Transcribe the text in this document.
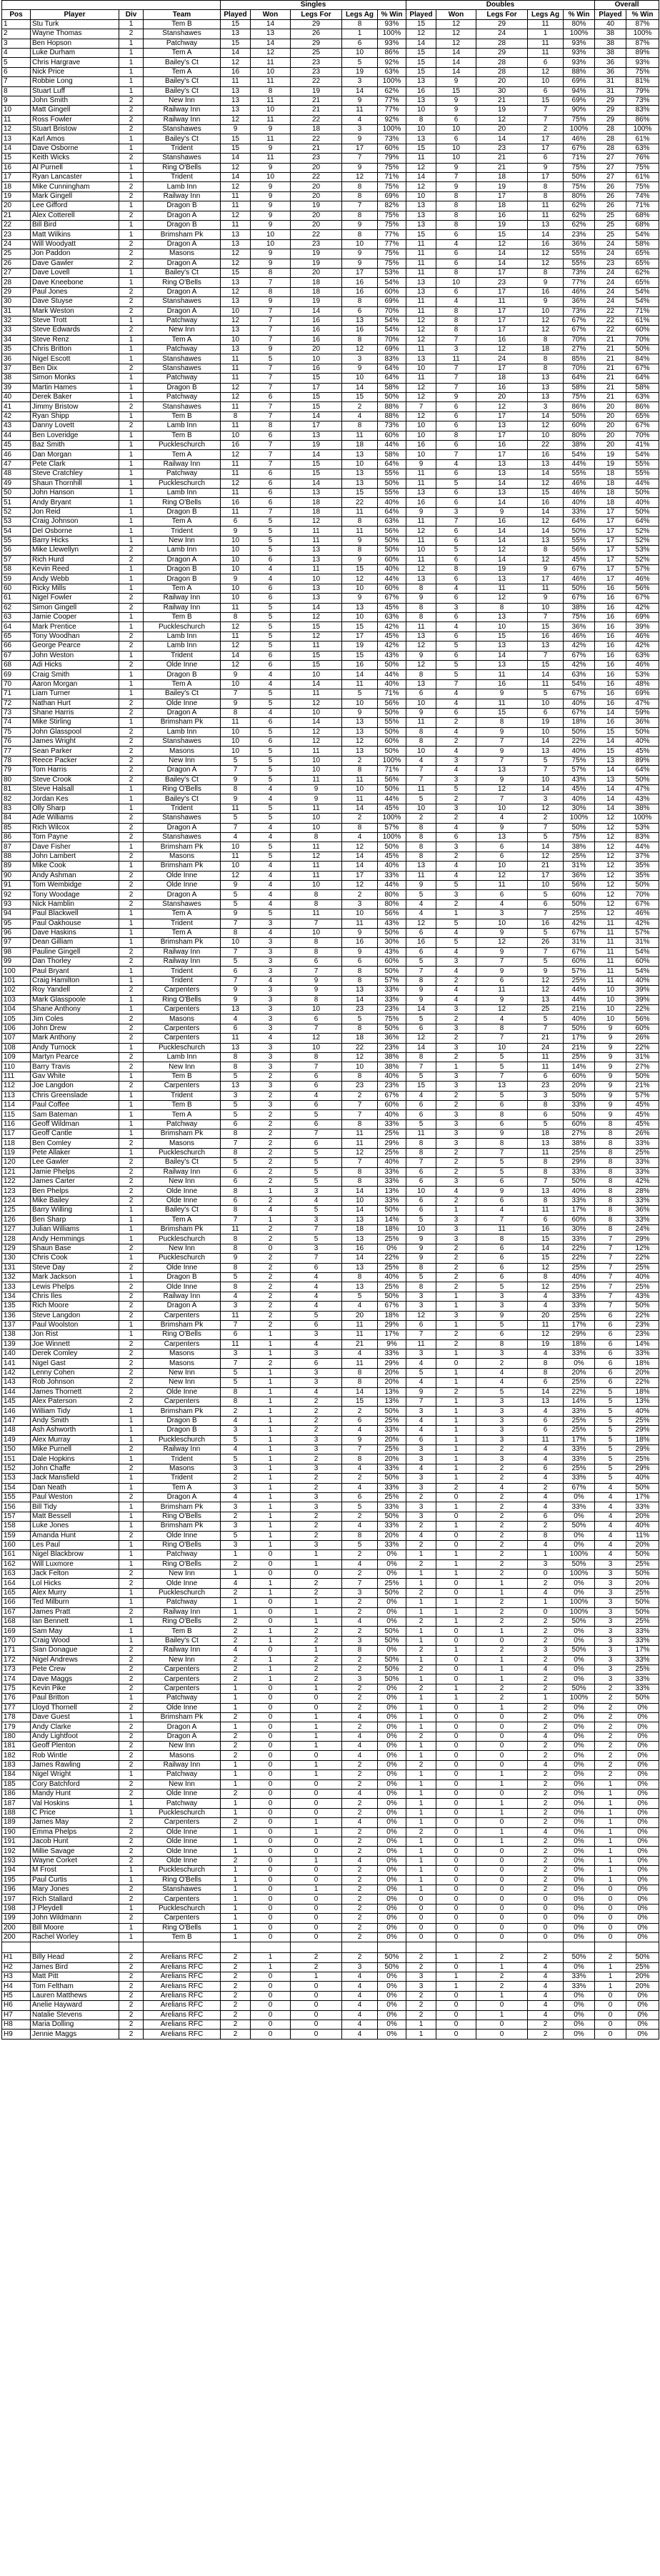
				Singles					Doubles					Overall	
Pos	Player	Div	Team	Played	Won	Legs For	Legs Ag	% Win	Played	Won	Legs For	Legs Ag	% Win	Played	% Win
1	Stu Turk	1	Tem B	15	14	29	8	93%	15	12	29	11	80%	40	87%
2	Wayne Thomas	2	Stanshawes	13	13	26	1	100%	12	12	24	1	100%	38	100%
3	Ben Hopson	1	Patchway	15	14	29	6	93%	14	12	28	11	93%	38	87%
4	Luke Durham	1	Tem A	14	12	25	10	86%	15	14	29	11	93%	38	89%
5	Chris Hargrave	1	Bailey's Ct	12	11	23	5	92%	15	14	28	6	93%	36	93%
6	Nick Price	1	Tem A	16	10	23	19	63%	15	14	28	12	88%	36	75%
7	Robbie Long	1	Bailey's Ct	11	11	22	3	100%	13	9	20	10	69%	31	81%
8	Stuart Luff	1	Bailey's Ct	13	8	19	14	62%	16	15	30	6	94%	31	79%
9	John Smith	2	New Inn	13	11	21	9	77%	13	9	21	15	69%	29	73%
10	Matt Gingell	2	Railway Inn	13	10	21	11	77%	10	9	19	7	90%	29	83%
11	Ross Fowler	2	Railway Inn	12	11	22	4	92%	8	6	12	7	75%	29	86%
12	Stuart Bristow	2	Stanshawes	9	9	18	3	100%	10	10	20	2	100%	28	100%
13	Karl Amos	1	Bailey's Ct	15	11	22	9	73%	13	6	14	17	46%	28	61%
14	Dave Osborne	1	Trident	15	9	21	17	60%	15	10	23	17	67%	28	63%
15	Keith Wicks	2	Stanshawes	14	11	23	7	79%	11	10	21	6	71%	27	76%
16	Al Purnell	1	Ring O'Bells	12	9	20	9	75%	12	9	21	9	75%	27	75%
17	Ryan Lancaster	1	Trident	14	10	22	12	71%	14	7	18	17	50%	27	61%
18	Mike Cunningham	2	Lamb Inn	12	9	20	8	75%	12	9	19	8	75%	26	75%
19	Mark Gingell	2	Railway Inn	11	9	20	8	69%	10	8	17	8	80%	26	74%
20	Lee Gifford	1	Dragon B	11	9	19	7	82%	13	8	18	11	62%	26	71%
21	Alex Cotterell	2	Dragon A	12	9	20	8	75%	13	8	16	11	62%	25	68%
22	Bill Bird	1	Dragon B	11	9	20	9	75%	13	8	19	13	62%	25	68%
23	Matt Wilkins	1	Brimsham Pk	13	10	22	8	77%	15	6	15	14	23%	25	54%
24	Will Woodyatt	2	Dragon A	13	10	23	10	77%	11	4	12	16	36%	24	58%
25	Jon Paddon	2	Masons	12	9	19	9	75%	11	6	14	12	55%	24	65%
26	Dave Gawler	2	Dragon A	12	9	19	9	75%	11	6	14	12	55%	23	65%
27	Dave Lovell	1	Bailey's Ct	15	8	20	17	53%	11	8	17	8	73%	24	62%
28	Dave Kneebone	1	Ring O'Bells	13	7	18	16	54%	13	10	23	9	77%	24	65%
29	Paul Jones	2	Dragon A	12	8	18	16	60%	13	6	17	16	46%	24	54%
30	Dave Stuyse	2	Stanshawes	13	9	19	8	69%	11	4	11	9	36%	24	54%
31	Mark Weston	2	Dragon A	10	7	14	6	70%	11	8	17	10	73%	22	71%
32	Steve Trott	1	Patchway	12	7	16	13	54%	12	8	17	12	67%	22	61%
33	Steve Edwards	2	New Inn	13	7	16	16	54%	12	8	17	12	67%	22	60%
34	Steve Renz	1	Tem A	10	7	16	8	70%	12	7	16	8	70%	21	70%
35	Chris Britton	1	Patchway	13	9	20	12	69%	11	3	12	18	27%	21	50%
36	Nigel Escott	1	Stanshawes	11	5	10	3	83%	13	11	24	8	85%	21	84%
37	Ben Dix	2	Stanshawes	11	7	16	9	64%	10	7	17	8	70%	21	67%
38	Simon Monks	1	Patchway	11	7	15	10	64%	11	7	18	13	64%	21	64%
39	Martin Hames	1	Dragon B	12	7	17	14	58%	12	7	16	13	58%	21	58%
40	Derek Baker	1	Patchway	12	6	15	15	50%	12	9	20	13	75%	21	63%
41	Jimmy Bristow	2	Stanshawes	11	7	15	2	88%	7	6	12	3	86%	20	86%
42	Ryan Shipp	1	Tem B	8	7	14	4	88%	12	6	17	14	50%	20	65%
43	Danny Lovett	2	Lamb Inn	11	8	17	8	73%	10	6	13	12	60%	20	67%
44	Ben Loveridge	1	Tem B	10	6	13	11	60%	10	8	17	10	80%	20	70%
45	Baz Smith	1	Puckleschurch	16	7	19	18	44%	16	6	16	22	38%	20	41%
46	Dan Morgan	1	Tem A	12	7	14	13	58%	10	7	17	16	54%	19	54%
47	Pete Clark	1	Railway Inn	11	7	15	10	64%	9	4	13	13	44%	19	55%
48	Steve Cratchley	1	Patchway	11	6	15	13	55%	11	6	13	14	55%	18	55%
49	Shaun Thornhill	1	Puckleschurch	12	6	14	13	50%	11	5	14	12	46%	18	44%
50	John Hanson	1	Lamb Inn	11	6	13	15	55%	13	6	13	15	46%	18	50%
51	Andy Bryant	1	Ring O'Bells	16	6	18	22	40%	16	6	14	16	40%	18	40%
52	Jon Reid	1	Dragon B	11	7	18	11	64%	9	3	9	14	33%	17	50%
53	Craig Johnson	1	Tem A	6	5	12	8	63%	11	7	16	12	64%	17	64%
54	Del Osborne	1	Trident	9	5	11	11	56%	12	6	14	14	50%	17	52%
55	Barry Hicks	1	New Inn	10	5	11	9	50%	11	6	14	13	55%	17	52%
56	Mike Llewellyn	2	Lamb Inn	10	5	13	8	50%	10	5	12	8	56%	17	53%
57	Rich Hurd	2	Dragon A	10	6	13	9	60%	11	6	14	12	45%	17	52%
58	Kevin Reed	1	Dragon B	10	4	11	15	40%	12	8	19	9	67%	17	57%
59	Andy Webb	1	Dragon B	9	4	10	12	44%	13	6	13	17	46%	17	46%
60	Ricky Mills	1	Tem A	10	6	13	10	60%	8	4	11	11	50%	16	56%
61	Nigel Fowler	2	Railway Inn	10	6	13	9	67%	9	6	12	9	67%	16	67%
62	Simon Gingell	2	Railway Inn	11	5	14	13	45%	8	3	8	10	38%	16	42%
63	Jamie Cooper	1	Tem B	8	5	12	10	63%	8	6	13	7	75%	16	69%
64	Mark Prentice	1	Puckleschurch	12	5	15	15	42%	11	4	10	15	36%	16	39%
65	Tony Woodhan	2	Lamb Inn	11	5	12	17	45%	13	6	15	16	46%	16	46%
66	George Pearce	2	Lamb Inn	12	5	11	19	42%	12	5	13	13	42%	16	42%
67	John Weston	1	Trident	14	6	15	15	43%	9	6	14	7	67%	16	63%
68	Adi Hicks	2	Olde Inne	12	6	15	16	50%	12	5	13	15	42%	16	46%
69	Craig Smith	1	Dragon B	9	4	10	14	44%	8	5	11	14	63%	16	53%
70	Aaron Morgan	1	Tem A	10	4	14	11	40%	13	7	16	11	54%	16	48%
71	Liam Turner	1	Bailey's Ct	7	5	11	5	71%	6	4	9	5	67%	16	69%
72	Nathan Hurt	2	Olde Inne	9	5	12	10	56%	10	4	11	10	40%	16	47%
73	Shane Harris	2	Dragon A	8	4	10	9	50%	9	6	15	6	67%	14	59%
74	Mike Stirling	1	Brimsham Pk	11	6	14	13	55%	11	2	8	19	18%	16	36%
75	John Glasspool	2	Lamb Inn	10	5	12	13	50%	8	4	9	10	50%	15	50%
76	James Wright	2	Stanshawes	10	6	12	12	60%	8	2	7	14	22%	14	40%
77	Sean Parker	2	Masons	10	5	11	13	50%	10	4	9	13	40%	15	45%
78	Reece Packer	2	New Inn	5	5	10	2	100%	4	3	7	5	75%	13	89%
79	Tom Harris	2	Dragon A	7	5	10	8	71%	7	4	13	7	57%	14	64%
80	Steve Crook	2	Bailey's Ct	9	5	11	11	56%	7	3	9	10	43%	13	50%
81	Steve Halsall	1	Ring O'Bells	8	4	9	10	50%	11	5	12	14	45%	14	47%
82	Jordan Kes	1	Bailey's Ct	9	4	9	11	44%	5	2	7	3	40%	14	43%
83	Olly Sharp	1	Trident	11	5	11	14	45%	10	3	10	12	30%	14	38%
84	Ade Williams	2	Stanshawes	5	5	10	2	100%	2	2	4	2	100%	12	100%
85	Rich Wilcox	2	Dragon A	7	4	10	8	57%	8	4	9	7	50%	12	53%
86	Tom Payne	2	Stanshawes	4	4	8	4	100%	8	6	13	5	75%	12	83%
87	Dave Fisher	1	Brimsham Pk	10	5	11	12	50%	8	3	6	14	38%	12	44%
88	John Lambert	2	Masons	11	5	12	14	45%	8	2	6	12	25%	12	37%
89	Mike Cook	1	Brimsham Pk	10	4	11	14	40%	13	4	10	21	31%	12	35%
90	Andy Ashman	2	Olde Inne	12	4	11	17	33%	11	4	12	17	36%	12	35%
91	Tom Wembidge	2	Olde Inne	9	4	10	12	44%	9	5	11	10	56%	12	50%
92	Tony Woodage	2	Dragon A	5	4	8	2	80%	5	3	6	5	60%	12	70%
93	Nick Hamblin	2	Stanshawes	5	4	8	3	80%	4	2	4	6	50%	12	67%
94	Paul Blackwell	1	Tem A	9	5	11	10	56%	4	1	3	7	25%	12	46%
95	Paul Oakhouse	1	Trident	7	3	7	11	43%	12	5	10	16	42%	11	42%
96	Dave Haskins	1	Tem A	8	4	10	9	50%	6	4	9	5	67%	11	57%
97	Dean Gilliam	1	Brimsham Pk	10	3	8	16	30%	16	5	12	26	31%	11	31%
98	Pauline Gingell	2	Railway Inn	7	3	8	9	43%	6	4	9	7	67%	11	54%
99	Dan Thorley	2	Railway Inn	5	3	6	6	60%	5	3	7	5	60%	11	60%
100	Paul Bryant	1	Trident	6	3	7	8	50%	7	4	9	9	57%	11	54%
101	Craig Hamilton	1	Trident	7	4	9	8	57%	8	2	6	12	25%	11	40%
102	Roy Yandell	2	Carpenters	9	3	9	13	33%	9	4	11	12	44%	10	39%
103	Mark Glasspoole	1	Ring O'Bells	9	3	8	14	33%	9	4	9	13	44%	10	39%
104	Shane Anthony	1	Carpenters	13	3	10	23	23%	14	3	12	25	21%	10	22%
105	Jim Coles	2	Masons	4	3	6	5	75%	5	2	4	5	40%	10	56%
106	John Drew	2	Carpenters	6	3	7	8	50%	6	3	8	7	50%	9	60%
107	Mark Anthony	2	Carpenters	11	4	12	18	36%	12	2	7	21	17%	9	26%
108	Andy Turnock	1	Puckleschurch	13	3	10	22	23%	14	3	10	24	21%	9	22%
109	Martyn Pearce	2	Lamb Inn	8	3	8	12	38%	8	2	5	11	25%	9	31%
110	Barry Travis	2	New Inn	8	3	7	10	38%	7	1	5	11	14%	9	27%
111	Gav White	1	Tem B	5	2	6	8	40%	5	3	7	6	60%	9	50%
112	Joe Langdon	2	Carpenters	13	3	6	23	23%	15	3	13	23	20%	9	21%
113	Chris Greenslade	1	Trident	3	2	4	2	67%	4	2	5	3	50%	9	57%
114	Paul Coffee	1	Tem B	5	3	6	7	60%	6	2	6	8	33%	9	45%
115	Sam Bateman	1	Tem A	5	2	5	7	40%	6	3	8	6	50%	9	45%
116	Geoff Wildman	1	Patchway	6	2	6	8	33%	5	3	6	5	60%	8	45%
117	Geoff Cantle	1	Brimsham Pk	8	2	7	11	25%	11	3	9	18	27%	8	26%
118	Ben Comley	2	Masons	7	2	6	11	29%	8	3	8	13	38%	8	33%
119	Pete Allaker	1	Puckleschurch	8	2	5	12	25%	8	2	7	11	25%	8	25%
120	Lee Gawler	2	Bailey's Ct	5	2	5	7	40%	7	2	5	8	29%	8	33%
121	Jamie Phelps	2	Railway Inn	6	2	5	8	33%	6	2	5	8	33%	8	33%
122	James Carter	2	New Inn	6	2	5	8	33%	6	3	6	7	50%	8	42%
123	Ben Phelps	2	Olde Inne	8	1	3	14	13%	10	4	9	13	40%	8	28%
124	Mike Bailey	2	Olde Inne	6	2	4	10	33%	6	2	6	8	33%	8	33%
125	Barry Willing	1	Bailey's Ct	8	4	5	14	50%	6	1	4	11	17%	8	36%
126	Ben Sharp	1	Tem A	7	1	3	13	14%	5	3	7	6	60%	8	33%
127	Julian Williams	1	Brimsham Pk	11	2	7	18	18%	10	3	11	16	30%	8	24%
128	Andy Hemmings	1	Puckleschurch	8	2	5	13	25%	9	3	8	15	33%	7	29%
129	Shaun Base	2	New Inn	8	0	3	16	0%	9	2	6	14	22%	7	12%
130	Chris Cook	1	Puckleschurch	9	2	7	14	22%	9	2	6	15	22%	7	22%
131	Steve Day	2	Olde Inne	8	2	6	13	25%	8	2	6	12	25%	7	25%
132	Mark Jackson	1	Dragon B	5	2	4	8	40%	5	2	6	8	40%	7	40%
133	Lewis Phelps	2	Olde Inne	8	2	4	13	25%	8	2	5	12	25%	7	25%
134	Chris Iles	2	Railway Inn	4	2	4	5	50%	3	1	3	4	33%	7	43%
135	Rich Moore	2	Dragon A	3	2	4	4	67%	3	1	3	4	33%	7	50%
136	Steve Langdon	2	Carpenters	11	2	5	20	18%	12	3	9	20	25%	6	22%
137	Paul Woolston	1	Brimsham Pk	7	2	6	11	29%	6	1	5	11	17%	6	23%
138	Jon Rist	1	Ring O'Bells	6	1	3	11	17%	7	2	6	12	29%	6	23%
139	Joe Winnett	2	Carpenters	11	1	4	21	9%	11	2	8	19	18%	6	14%
140	Derek Comley	2	Masons	3	1	3	4	33%	3	1	3	4	33%	6	33%
141	Nigel Gast	2	Masons	7	2	6	11	29%	4	0	2	8	0%	6	18%
142	Lenny Cohen	2	New Inn	5	1	3	8	20%	5	1	4	8	20%	6	20%
143	Rob Johnson	2	New Inn	5	1	3	8	20%	4	1	4	6	25%	6	22%
144	James Thornett	2	Olde Inne	8	1	4	14	13%	9	2	5	14	22%	5	18%
145	Alex Paterson	2	Carpenters	8	1	2	15	13%	7	1	3	13	14%	5	13%
146	William Tidy	1	Brimsham Pk	2	1	2	2	50%	3	1	3	4	33%	5	40%
147	Andy Smith	1	Dragon B	4	1	2	6	25%	4	1	3	6	25%	5	25%
148	Ash Ashworth	1	Dragon B	3	1	2	4	33%	4	1	3	6	25%	5	29%
149	Alex Murray	1	Puckleschurch	5	1	3	9	20%	6	1	3	11	17%	5	18%
150	Mike Purnell	2	Railway Inn	4	1	3	7	25%	3	1	2	4	33%	5	29%
151	Dale Hopkins	1	Trident	5	1	2	8	20%	3	1	3	4	33%	5	25%
152	John Chaffe	2	Masons	3	1	3	4	33%	4	1	2	6	25%	5	29%
153	Jack Mansfield	1	Trident	2	1	2	2	50%	3	1	2	4	33%	5	40%
154	Dan Neath	1	Tem A	3	1	2	4	33%	3	2	4	2	67%	4	50%
155	Paul Weston	2	Dragon A	4	1	3	6	25%	2	0	2	4	0%	4	17%
156	Bill Tidy	1	Brimsham Pk	3	1	3	5	33%	3	1	2	4	33%	4	33%
157	Matt Bessell	1	Ring O'Bells	2	1	2	2	50%	3	0	2	6	0%	4	20%
158	Luke Jones	1	Brimsham Pk	3	1	2	4	33%	2	1	2	2	50%	4	40%
159	Amanda Hunt	2	Olde Inne	5	1	2	8	20%	4	0	2	8	0%	4	11%
160	Les Paul	1	Ring O'Bells	3	1	3	5	33%	2	0	2	4	0%	4	20%
161	Nigel Blackbrow	1	Patchway	1	0	1	2	0%	1	1	2	1	100%	4	50%
162	Will Luxmore	1	Ring O'Bells	2	0	1	4	0%	2	1	2	3	50%	3	25%
163	Jack Felton	2	New Inn	1	0	0	2	0%	1	1	2	0	100%	3	50%
164	Lol Hicks	2	Olde Inne	4	1	2	7	25%	1	0	1	2	0%	3	20%
165	Alex Murry	1	Puckleschurch	2	1	2	3	50%	2	0	1	4	0%	3	25%
166	Ted Milburn	1	Patchway	1	0	1	2	0%	1	1	2	1	100%	3	50%
167	James Pratt	2	Railway Inn	1	0	1	2	0%	1	1	2	0	100%	3	50%
168	Ian Bennett	1	Ring O'Bells	2	0	1	4	0%	2	1	2	2	50%	3	25%
169	Sam May	1	Tem B	2	1	2	2	50%	1	0	1	2	0%	3	33%
170	Craig Wood	1	Bailey's Ct	2	1	2	3	50%	1	0	0	2	0%	3	33%
171	Sian Donague	2	Railway Inn	4	0	1	8	0%	2	1	2	3	50%	3	17%
172	Nigel Andrews	2	New Inn	2	1	2	2	50%	1	0	1	2	0%	3	33%
173	Pete Crew	2	Carpenters	2	1	2	2	50%	2	0	1	4	0%	3	25%
174	Dave Maggs	2	Carpenters	2	1	2	3	50%	1	0	1	2	0%	3	33%
175	Kevin Pike	2	Carpenters	1	0	1	2	0%	2	1	2	2	50%	2	33%
176	Paul Britton	1	Patchway	1	0	0	2	0%	1	1	2	1	100%	2	50%
177	Lloyd Thornell	2	Olde Inne	1	0	0	2	0%	1	0	1	2	0%	2	0%
178	Dave Guest	1	Brimsham Pk	2	0	1	4	0%	1	0	0	2	0%	2	0%
179	Andy Clarke	2	Dragon A	1	0	1	2	0%	1	0	0	2	0%	2	0%
180	Andy Lightfoot	2	Dragon A	2	0	1	4	0%	2	0	0	4	0%	2	0%
181	Geoff Plenton	2	New Inn	2	0	1	4	0%	1	0	0	2	0%	2	0%
182	Rob Wintle	2	Masons	2	0	0	4	0%	1	0	0	2	0%	2	0%
183	James Rawling	2	Railway Inn	1	0	1	2	0%	2	0	0	4	0%	2	0%
184	Nigel Wright	1	Patchway	1	0	1	2	0%	1	0	1	2	0%	2	0%
185	Cory Batchford	2	New Inn	1	0	0	2	0%	1	0	1	2	0%	1	0%
186	Mandy Hunt	2	Olde Inne	2	0	0	4	0%	1	0	0	2	0%	1	0%
187	Val Hoskins	1	Patchway	1	0	0	2	0%	1	0	1	2	0%	1	0%
188	C Price	1	Puckleschurch	1	0	0	2	0%	1	0	1	2	0%	1	0%
189	James May	2	Carpenters	2	0	1	4	0%	1	0	0	2	0%	1	0%
190	Emma Phelps	2	Olde Inne	1	0	1	2	0%	2	0	1	4	0%	1	0%
191	Jacob Hunt	2	Olde Inne	1	0	0	2	0%	1	0	1	2	0%	1	0%
192	Millie Savage	2	Olde Inne	1	0	0	2	0%	1	0	0	2	0%	1	0%
193	Wayne Corket	2	Olde Inne	2	0	1	4	0%	1	0	0	2	0%	1	0%
194	M Frost	1	Puckleschurch	1	0	0	2	0%	1	0	0	2	0%	1	0%
195	Paul Curtis	1	Ring O'Bells	1	0	0	2	0%	1	0	0	2	0%	1	0%
196	Mary Jones	2	Stanshawes	1	0	1	2	0%	1	0	0	2	0%	0	0%
197	Rich Stallard	2	Carpenters	1	0	0	2	0%	0	0	0	0	0%	0	0%
198	J Pleydell	1	Puckleschurch	1	0	0	2	0%	0	0	0	0	0%	0	0%
199	John Wildmann	2	Carpenters	1	0	0	2	0%	0	0	0	0	0%	0	0%
200	Bill Moore	1	Ring O'Bells	1	0	0	2	0%	0	0	0	0	0%	0	0%
200	Rachel Worley	1	Tem B	1	0	0	2	0%	0	0	0	0	0%	0	0%

H1	Billy Head	2	Arelians RFC	2	1	2	2	50%	2	1	2	2	50%	2	50%
H2	James Bird	2	Arelians RFC	2	1	2	3	50%	2	0	1	4	0%	1	25%
H3	Matt Pitt	2	Arelians RFC	2	0	1	4	0%	3	1	2	4	33%	1	20%
H4	Tom Feltham	2	Arelians RFC	2	0	0	4	0%	3	1	2	4	33%	1	20%
H5	Lauren Matthews	2	Arelians RFC	2	0	0	4	0%	2	0	1	4	0%	0	0%
H6	Anelie Hayward	2	Arelians RFC	2	0	0	4	0%	2	0	0	4	0%	0	0%
H7	Natalie Stevens	2	Arelians RFC	2	0	0	4	0%	2	0	1	4	0%	0	0%
H8	Maria Dolling	2	Arelians RFC	2	0	0	4	0%	1	0	0	2	0%	0	0%
H9	Jennie Maggs	2	Arelians RFC	2	0	0	4	0%	1	0	0	2	0%	0	0%
